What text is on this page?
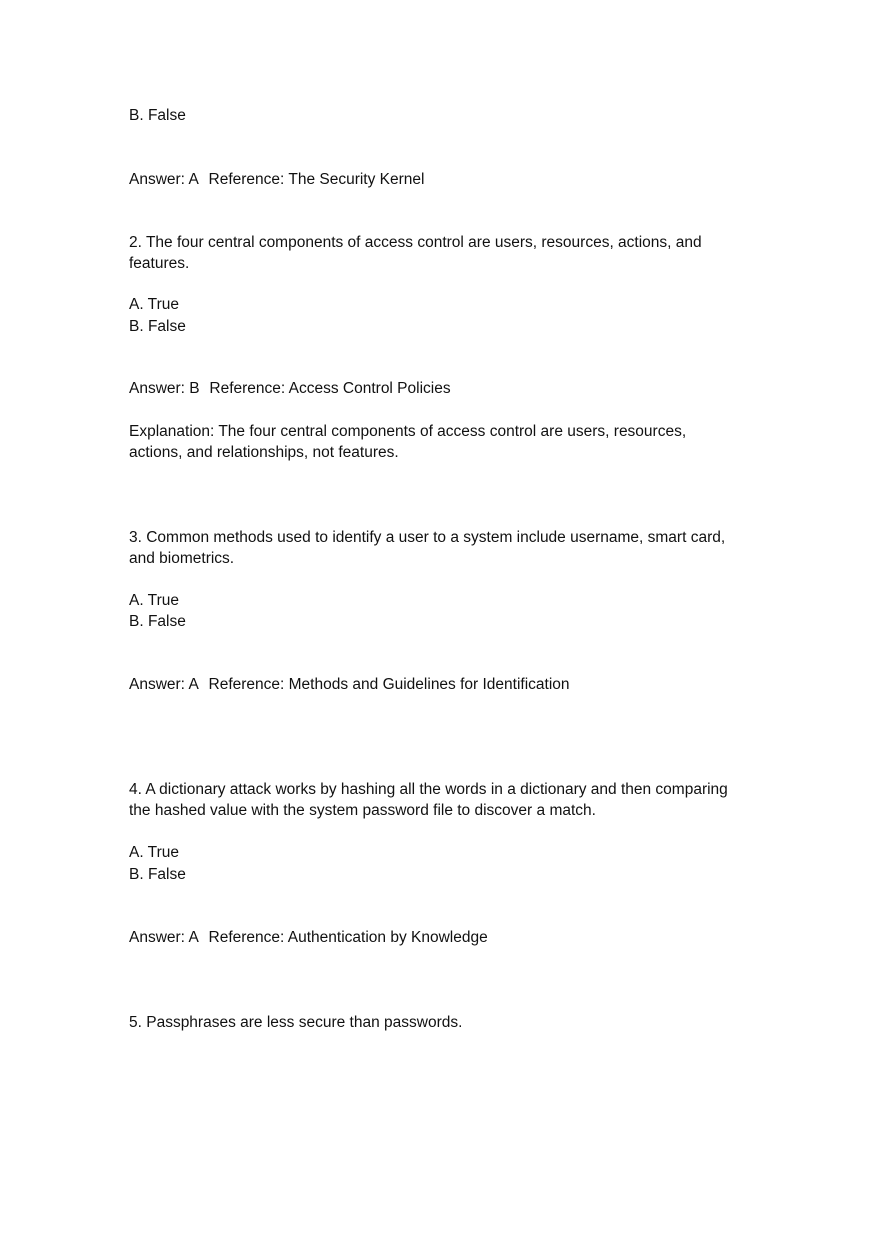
B. False
Answer: A Reference: The Security Kernel
2. The four central components of access control are users, resources, actions, and
features.
A. True
B. False
Answer: B Reference: Access Control Policies
Explanation: The four central components of access control are users, resources,
actions, and relationships, not features.
3. Common methods used to identify a user to a system include username, smart card,
and biometrics.
A. True
B. False
Answer: A Reference: Methods and Guidelines for Identification
4. A dictionary attack works by hashing all the words in a dictionary and then comparing
the hashed value with the system password file to discover a match.
A. True
B. False
Answer: A Reference: Authentication by Knowledge
5. Passphrases are less secure than passwords.
